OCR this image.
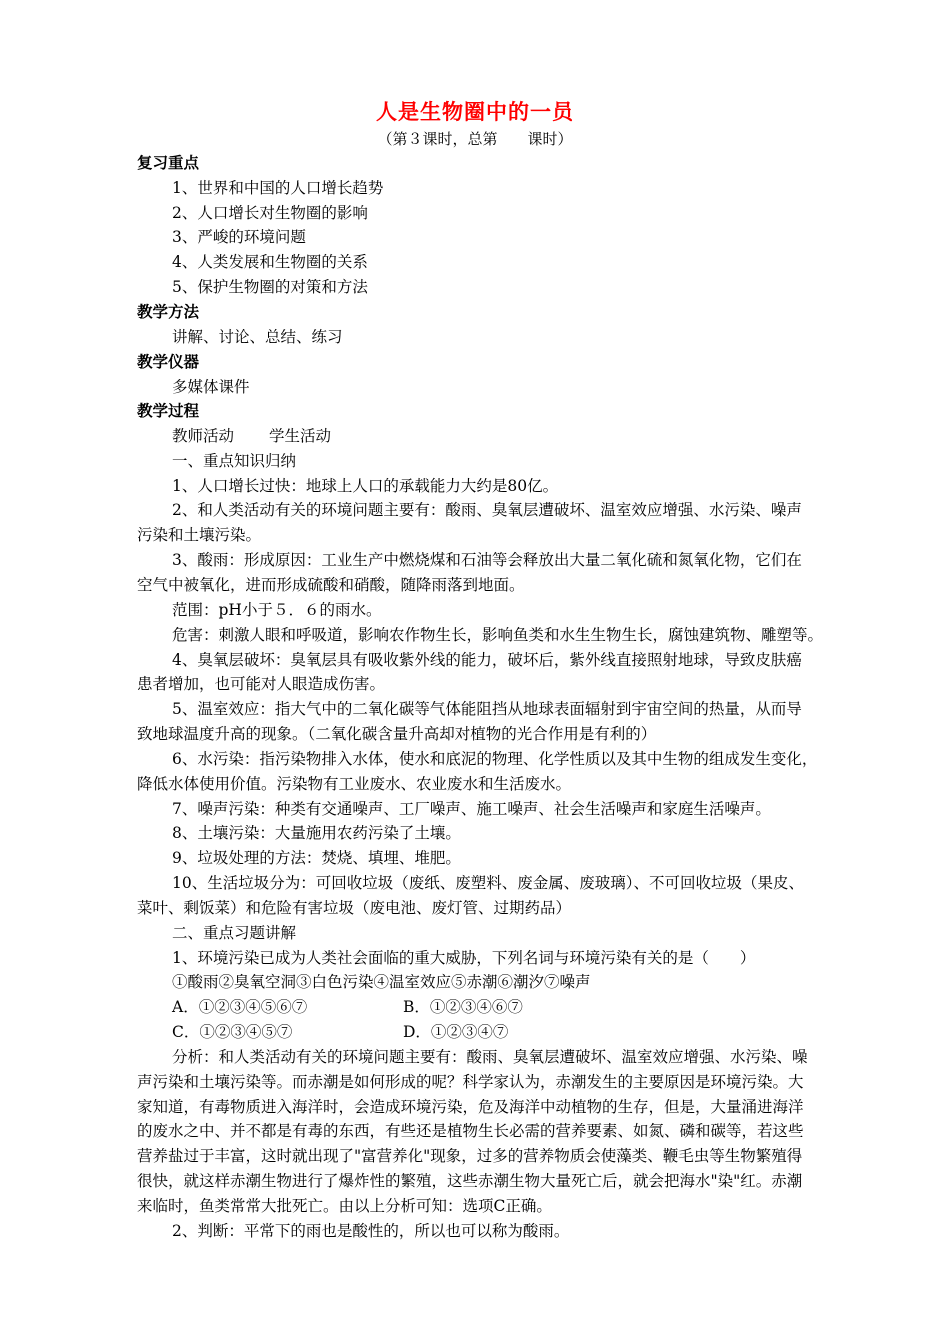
人是生物圈中的一员
（第３课时，总第　　课时）
复习重点
1、世界和中国的人口增长趋势
2、人口增长对生物圈的影响
3、严峻的环境问题
4、人类发展和生物圈的关系
5、保护生物圈的对策和方法
教学方法
讲解、讨论、总结、练习
教学仪器
多媒体课件
教学过程
教师活动 学生活动
一、重点知识归纳
1、人口增长过快：地球上人口的承载能力大约是80亿。
2、和人类活动有关的环境问题主要有：酸雨、臭氧层遭破坏、温室效应增强、水污染、噪声
污染和土壤污染。
3、酸雨：形成原因：工业生产中燃烧煤和石油等会释放出大量二氧化硫和氮氧化物，它们在
空气中被氧化，进而形成硫酸和硝酸，随降雨落到地面。
范围：pH小于５．６的雨水。
危害：刺激人眼和呼吸道，影响农作物生长，影响鱼类和水生生物生长，腐蚀建筑物、雕塑等。
4、臭氧层破坏：臭氧层具有吸收紫外线的能力，破坏后，紫外线直接照射地球，导致皮肤癌
患者增加，也可能对人眼造成伤害。
5、温室效应：指大气中的二氧化碳等气体能阻挡从地球表面辐射到宇宙空间的热量，从而导
致地球温度升高的现象。（二氧化碳含量升高却对植物的光合作用是有利的）
6、水污染：指污染物排入水体，使水和底泥的物理、化学性质以及其中生物的组成发生变化，
降低水体使用价值。污染物有工业废水、农业废水和生活废水。
7、噪声污染：种类有交通噪声、工厂噪声、施工噪声、社会生活噪声和家庭生活噪声。
8、土壤污染：大量施用农药污染了土壤。
9、垃圾处理的方法：焚烧、填埋、堆肥。
10、生活垃圾分为：可回收垃圾（废纸、废塑料、废金属、废玻璃）、不可回收垃圾（果皮、
菜叶、剩饭菜）和危险有害垃圾（废电池、废灯管、过期药品）
二、重点习题讲解
1、环境污染已成为人类社会面临的重大威胁，下列名词与环境污染有关的是（　　）
①酸雨②臭氧空洞③白色污染④温室效应⑤赤潮⑥潮汐⑦噪声
A．①②③④⑤⑥⑦	B．①②③④⑥⑦
C．①②③④⑤⑦	D．①②③④⑦
分析：和人类活动有关的环境问题主要有：酸雨、臭氧层遭破坏、温室效应增强、水污染、噪
声污染和土壤污染等。而赤潮是如何形成的呢？科学家认为，赤潮发生的主要原因是环境污染。大
家知道，有毒物质进入海洋时，会造成环境污染，危及海洋中动植物的生存，但是，大量涌进海洋
的废水之中、并不都是有毒的东西，有些还是植物生长必需的营养要素、如氮、磷和碳等，若这些
营养盐过于丰富，这时就出现了"富营养化"现象，过多的营养物质会使藻类、鞭毛虫等生物繁殖得
很快，就这样赤潮生物进行了爆炸性的繁殖，这些赤潮生物大量死亡后，就会把海水"染"红。赤潮
来临时，鱼类常常大批死亡。由以上分析可知：选项C正确。
2、判断：平常下的雨也是酸性的，所以也可以称为酸雨。
